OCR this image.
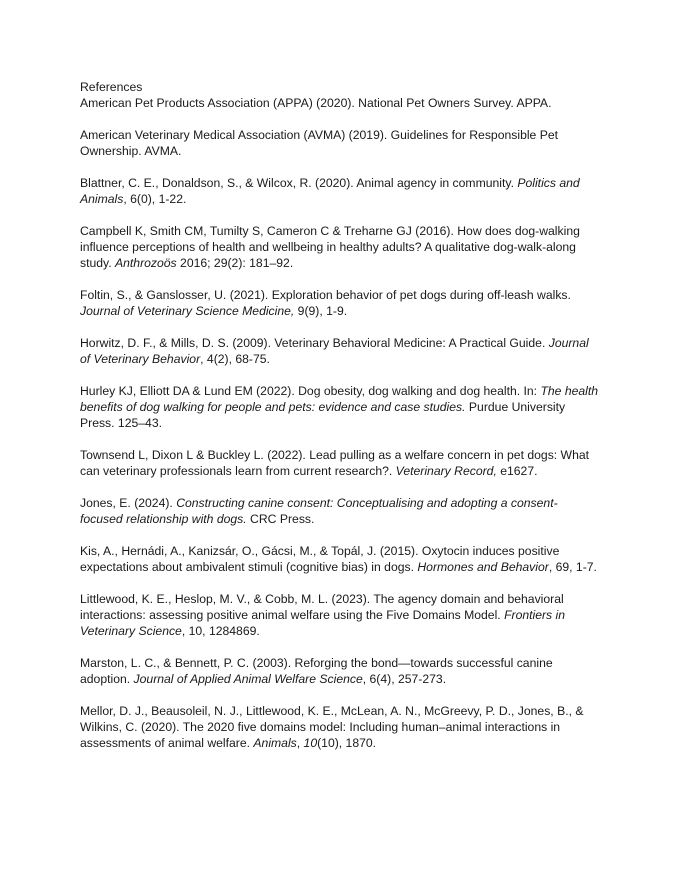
References

American Pet Products Association (APPA) (2020). National Pet Owners Survey. APPA.

American Veterinary Medical Association (AVMA) (2019). Guidelines for Responsible Pet Ownership. AVMA.

Blattner, C. E., Donaldson, S., & Wilcox, R. (2020). Animal agency in community. Politics and Animals, 6(0), 1-22.

Campbell K, Smith CM, Tumilty S, Cameron C & Treharne GJ (2016). How does dog-walking influence perceptions of health and wellbeing in healthy adults? A qualitative dog-walk-along study. Anthrozoös 2016; 29(2): 181–92.

Foltin, S., & Ganslosser, U. (2021). Exploration behavior of pet dogs during off-leash walks. Journal of Veterinary Science Medicine, 9(9), 1-9.

Horwitz, D. F., & Mills, D. S. (2009). Veterinary Behavioral Medicine: A Practical Guide. Journal of Veterinary Behavior, 4(2), 68-75.

Hurley KJ, Elliott DA & Lund EM (2022). Dog obesity, dog walking and dog health. In: The health benefits of dog walking for people and pets: evidence and case studies. Purdue University Press. 125–43.

Townsend L, Dixon L & Buckley L. (2022). Lead pulling as a welfare concern in pet dogs: What can veterinary professionals learn from current research?. Veterinary Record, e1627.

Jones, E. (2024). Constructing canine consent: Conceptualising and adopting a consent-focused relationship with dogs. CRC Press.

Kis, A., Hernádi, A., Kanizsár, O., Gácsi, M., & Topál, J. (2015). Oxytocin induces positive expectations about ambivalent stimuli (cognitive bias) in dogs. Hormones and Behavior, 69, 1-7.

Littlewood, K. E., Heslop, M. V., & Cobb, M. L. (2023). The agency domain and behavioral interactions: assessing positive animal welfare using the Five Domains Model. Frontiers in Veterinary Science, 10, 1284869.

Marston, L. C., & Bennett, P. C. (2003). Reforging the bond—towards successful canine adoption. Journal of Applied Animal Welfare Science, 6(4), 257-273.

Mellor, D. J., Beausoleil, N. J., Littlewood, K. E., McLean, A. N., McGreevy, P. D., Jones, B., & Wilkins, C. (2020). The 2020 five domains model: Including human–animal interactions in assessments of animal welfare. Animals, 10(10), 1870.
